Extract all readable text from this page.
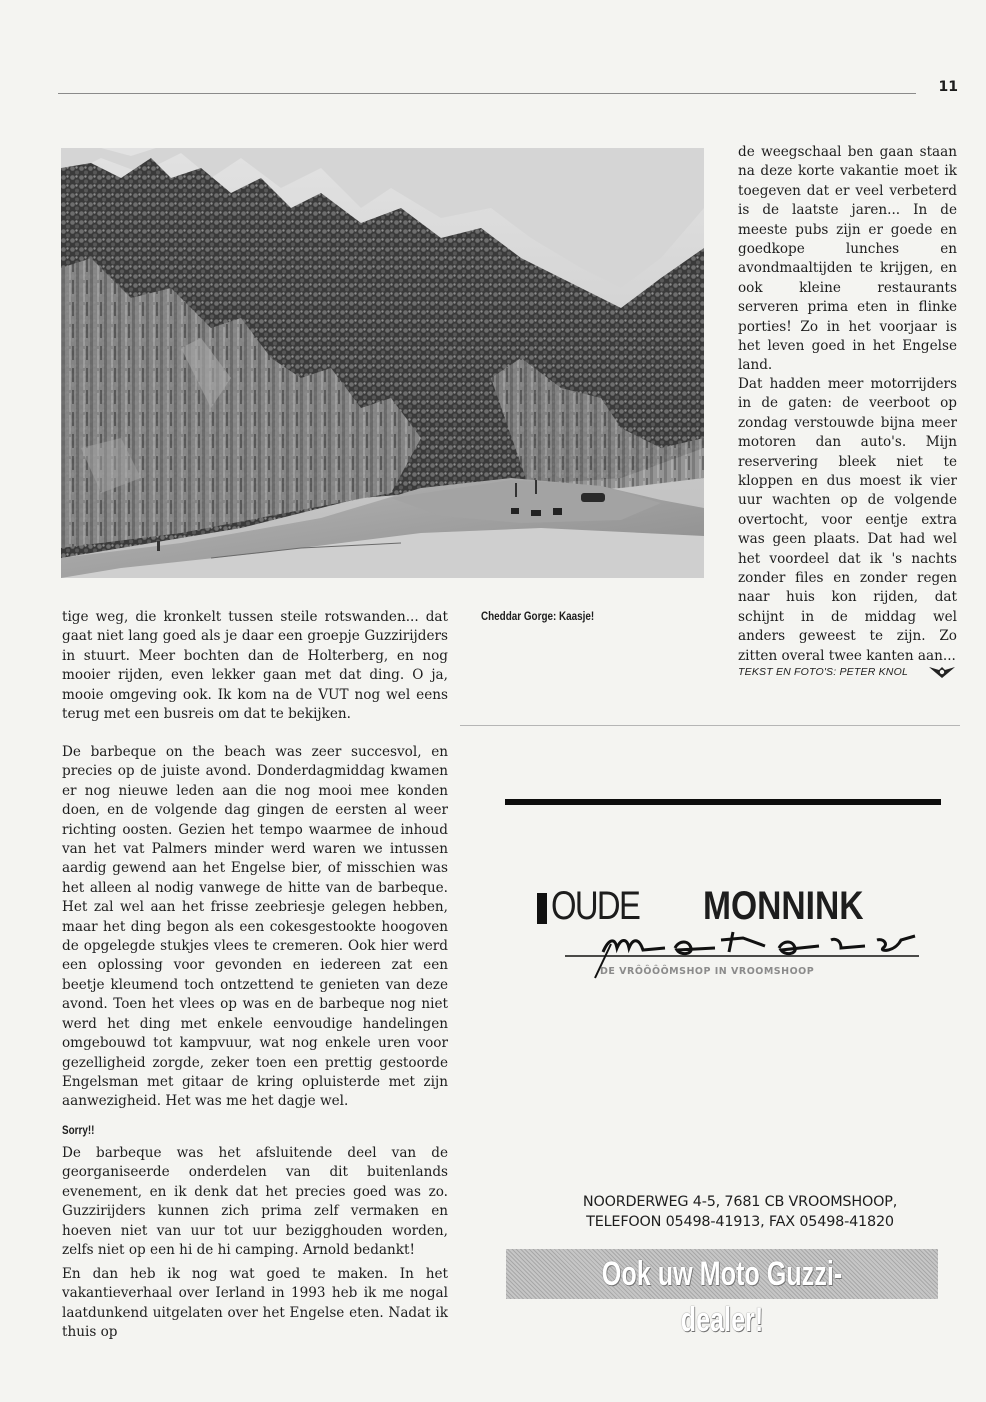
11
tige weg, die kronkelt tussen steile rotswanden... dat gaat niet lang goed als je daar een groepje Guzzirijders in stuurt. Meer bochten dan de Holterberg, en nog mooier rijden, even lekker gaan met dat ding. O ja, mooie omgeving ook. Ik kom na de VUT nog wel eens terug met een busreis om dat te bekijken.
Cheddar Gorge: Kaasje!
De barbeque on the beach was zeer succesvol, en precies op de juiste avond. Donderdagmiddag kwamen er nog nieuwe leden aan die nog mooi mee konden doen, en de volgende dag gingen de eersten al weer richting oosten. Gezien het tempo waarmee de inhoud van het vat Palmers minder werd waren we intussen aardig gewend aan het Engelse bier, of misschien was het alleen al nodig vanwege de hitte van de barbeque. Het zal wel aan het frisse zeebriesje gelegen hebben, maar het ding begon als een cokesgestookte hoogoven de opgelegde stukjes vlees te cremeren. Ook hier werd een oplossing voor gevonden en iedereen zat een beetje kleumend toch ontzettend te genieten van deze avond. Toen het vlees op was en de barbeque nog niet werd het ding met enkele eenvoudige handelingen omgebouwd tot kampvuur, wat nog enkele uren voor gezelligheid zorgde, zeker toen een prettig gestoorde Engelsman met gitaar de kring opluisterde met zijn aanwezigheid. Het was me het dagje wel.
Sorry!!
De barbeque was het afsluitende deel van de georganiseerde onderdelen van dit buitenlands evenement, en ik denk dat het precies goed was zo. Guzzirijders kunnen zich prima zelf vermaken en hoeven niet van uur tot uur bezigghouden worden, zelfs niet op een hi de hi camping. Arnold bedankt!
En dan heb ik nog wat goed te maken. In het vakantieverhaal over Ierland in 1993 heb ik me nogal laatdunkend uitgelaten over het Engelse eten. Nadat ik thuis op
de weegschaal ben gaan staan na deze korte vakantie moet ik toegeven dat er veel verbeterd is de laatste jaren... In de meeste pubs zijn er goede en goedkope lunches en avondmaaltijden te krijgen, en ook kleine restaurants serveren prima eten in flinke porties! Zo in het voorjaar is het leven goed in het Engelse land.
Dat hadden meer motorrijders in de gaten: de veerboot op zondag verstouwde bijna meer motoren dan auto's. Mijn reservering bleek niet te kloppen en dus moest ik vier uur wachten op de volgende overtocht, voor eentje extra was geen plaats. Dat had wel het voordeel dat ik 's nachts zonder files en zonder regen naar huis kon rijden, dat schijnt in de middag wel anders geweest te zijn. Zo zitten overal twee kanten aan...
TEKST EN FOTO'S: PETER KNOL
OUDE MONNINK
DE VRÔÔÔÔMSHOP IN VROOMSHOOP
NOORDERWEG 4-5, 7681 CB VROOMSHOOP,
TELEFOON 05498-41913, FAX 05498-41820
Ook uw Moto Guzzi-dealer!
